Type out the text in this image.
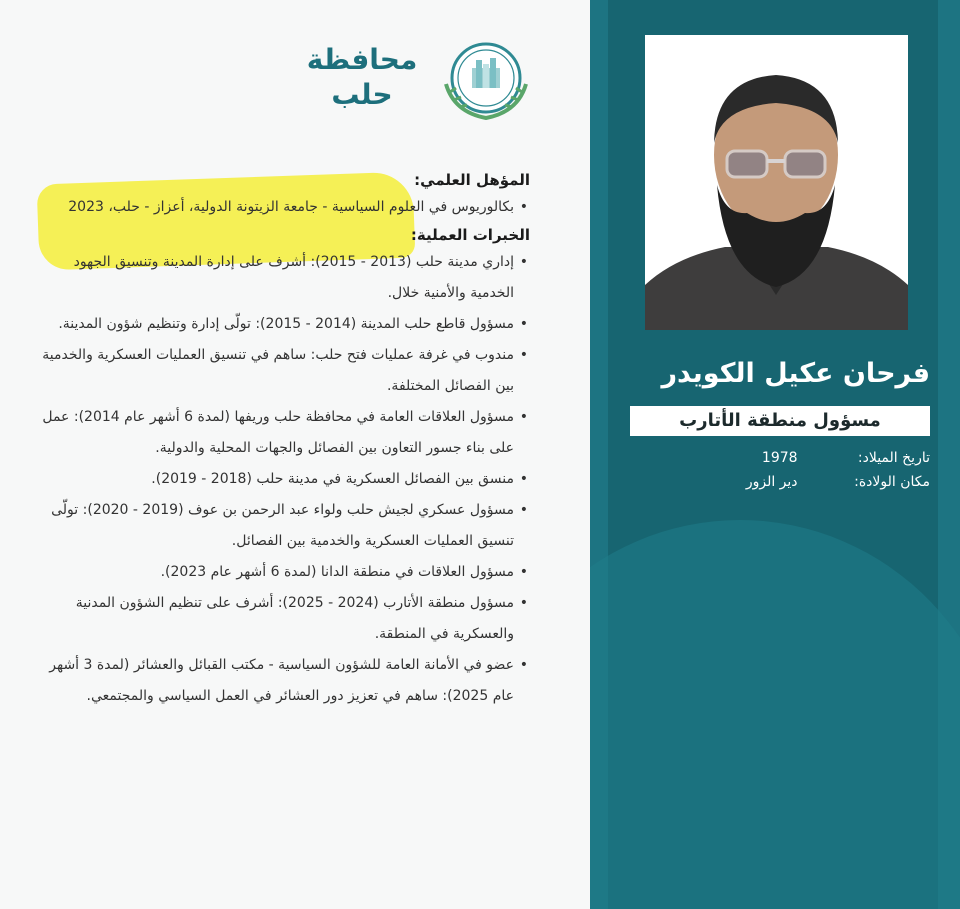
محافظة
حلب
المؤهل العلمي:
• بكالوريوس في العلوم السياسية - جامعة الزيتونة الدولية، أعزاز - حلب، 2023
الخبرات العملية:
• إداري مدينة حلب (2013 - 2015): أشرف على إدارة المدينة وتنسيق الجهود الخدمية والأمنية خلال.
• مسؤول قاطع حلب المدينة (2014 - 2015): تولّى إدارة وتنظيم شؤون المدينة.
• مندوب في غرفة عمليات فتح حلب: ساهم في تنسيق العمليات العسكرية والخدمية بين الفصائل المختلفة.
• مسؤول العلاقات العامة في محافظة حلب وريفها (لمدة 6 أشهر عام 2014): عمل على بناء جسور التعاون بين الفصائل والجهات المحلية والدولية.
• منسق بين الفصائل العسكرية في مدينة حلب (2018 - 2019).
• مسؤول عسكري لجيش حلب ولواء عبد الرحمن بن عوف (2019 - 2020): تولّى تنسيق العمليات العسكرية والخدمية بين الفصائل.
• مسؤول العلاقات في منطقة الدانا (لمدة 6 أشهر عام 2023).
• مسؤول منطقة الأتارب (2024 - 2025): أشرف على تنظيم الشؤون المدنية والعسكرية في المنطقة.
• عضو في الأمانة العامة للشؤون السياسية - مكتب القبائل والعشائر (لمدة 3 أشهر عام 2025): ساهم في تعزيز دور العشائر في العمل السياسي والمجتمعي.
فرحان عكيل الكويدر
مسؤول منطقة الأتارب
تاريخ الميلاد: 1978
مكان الولادة: دير الزور
